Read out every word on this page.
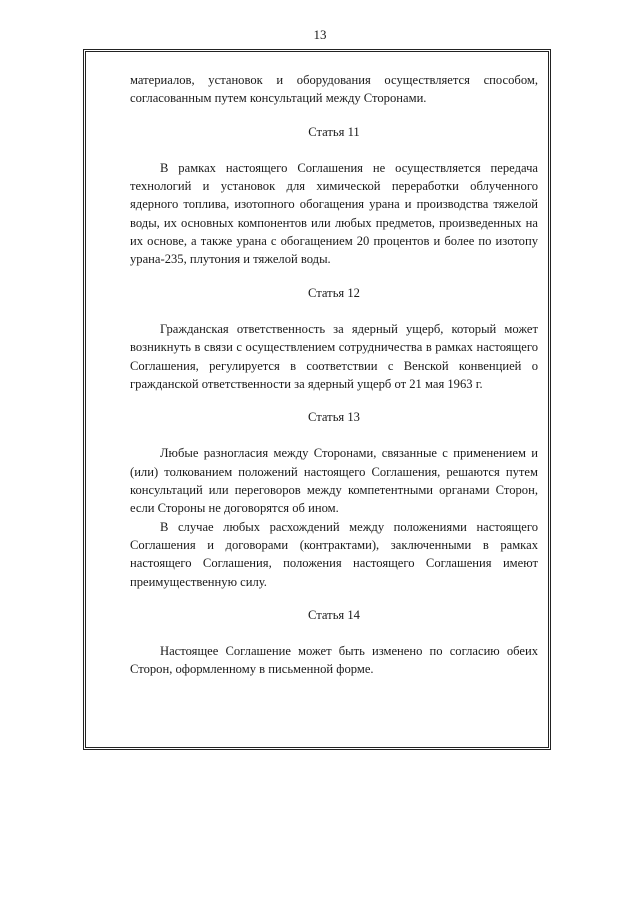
13

материалов, установок и оборудования осуществляется способом, согласованным путем консультаций между Сторонами.

Статья 11

В рамках настоящего Соглашения не осуществляется передача технологий и установок для химической переработки облученного ядерного топлива, изотопного обогащения урана и производства тяжелой воды, их основных компонентов или любых предметов, произведенных на их основе, а также урана с обогащением 20 процентов и более по изотопу урана-235, плутония и тяжелой воды.

Статья 12

Гражданская ответственность за ядерный ущерб, который может возникнуть в связи с осуществлением сотрудничества в рамках настоящего Соглашения, регулируется в соответствии с Венской конвенцией о гражданской ответственности за ядерный ущерб от 21 мая 1963 г.

Статья 13

Любые разногласия между Сторонами, связанные с применением и (или) толкованием положений настоящего Соглашения, решаются путем консультаций или переговоров между компетентными органами Сторон, если Стороны не договорятся об ином.

В случае любых расхождений между положениями настоящего Соглашения и договорами (контрактами), заключенными в рамках настоящего Соглашения, положения настоящего Соглашения имеют преимущественную силу.

Статья 14

Настоящее Соглашение может быть изменено по согласию обеих Сторон, оформленному в письменной форме.
